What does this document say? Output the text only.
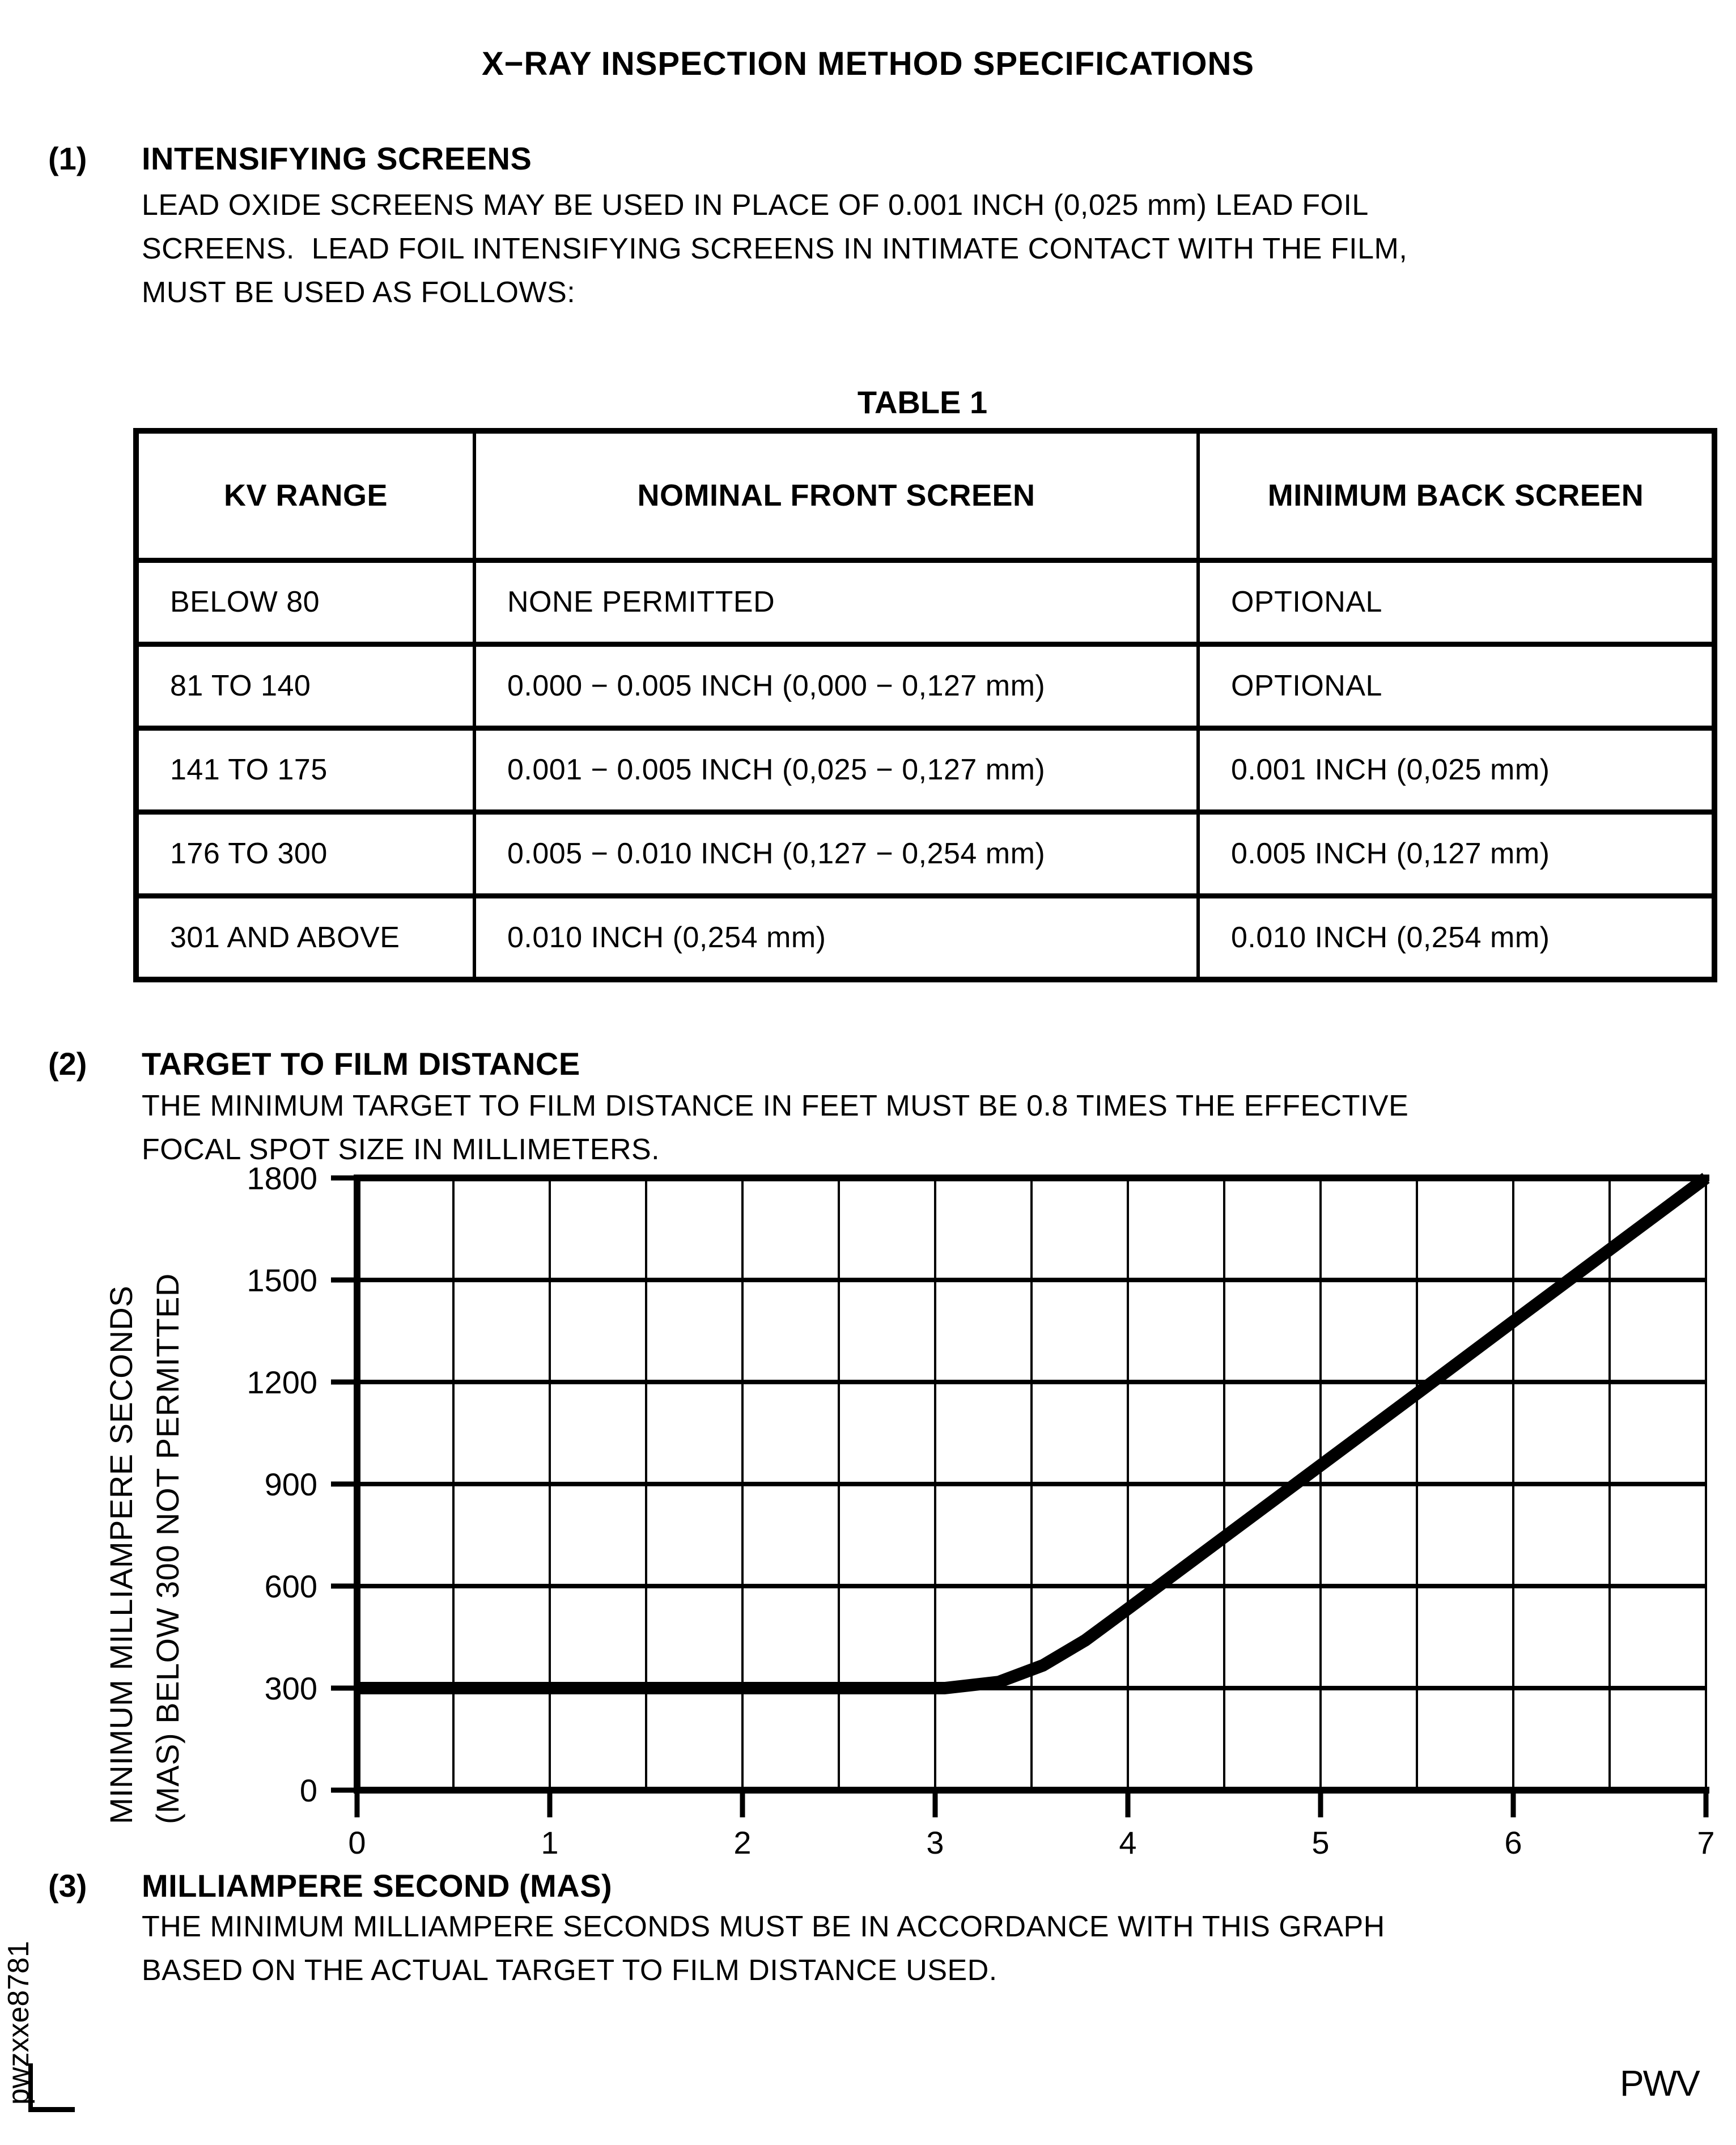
X−RAY INSPECTION METHOD SPECIFICATIONS
(1) INTENSIFYING SCREENS
LEAD OXIDE SCREENS MAY BE USED IN PLACE OF 0.001 INCH (0,025 mm) LEAD FOIL
SCREENS.  LEAD FOIL INTENSIFYING SCREENS IN INTIMATE CONTACT WITH THE FILM,
MUST BE USED AS FOLLOWS:
TABLE 1
KV RANGE	NOMINAL FRONT SCREEN	MINIMUM BACK SCREEN
BELOW 80	NONE PERMITTED	OPTIONAL
81 TO 140	0.000 − 0.005 INCH (0,000 − 0,127 mm)	OPTIONAL
141 TO 175	0.001 − 0.005 INCH (0,025 − 0,127 mm)	0.001 INCH (0,025 mm)
176 TO 300	0.005 − 0.010 INCH (0,127 − 0,254 mm)	0.005 INCH (0,127 mm)
301 AND ABOVE	0.010 INCH (0,254 mm)	0.010 INCH (0,254 mm)
(2) TARGET TO FILM DISTANCE
THE MINIMUM TARGET TO FILM DISTANCE IN FEET MUST BE 0.8 TIMES THE EFFECTIVE
FOCAL SPOT SIZE IN MILLIMETERS.
0	1	2	3	4	5	6	7
0
300
600
900
1200
1500
1800
MINIMUM MILLIAMPERE SECONDS (MAS) BELOW 300 NOT PERMITTED
(3) MILLIAMPERE SECOND (MAS)
THE MINIMUM MILLIAMPERE SECONDS MUST BE IN ACCORDANCE WITH THIS GRAPH
BASED ON THE ACTUAL TARGET TO FILM DISTANCE USED.
pwzxxe8781	PWV
